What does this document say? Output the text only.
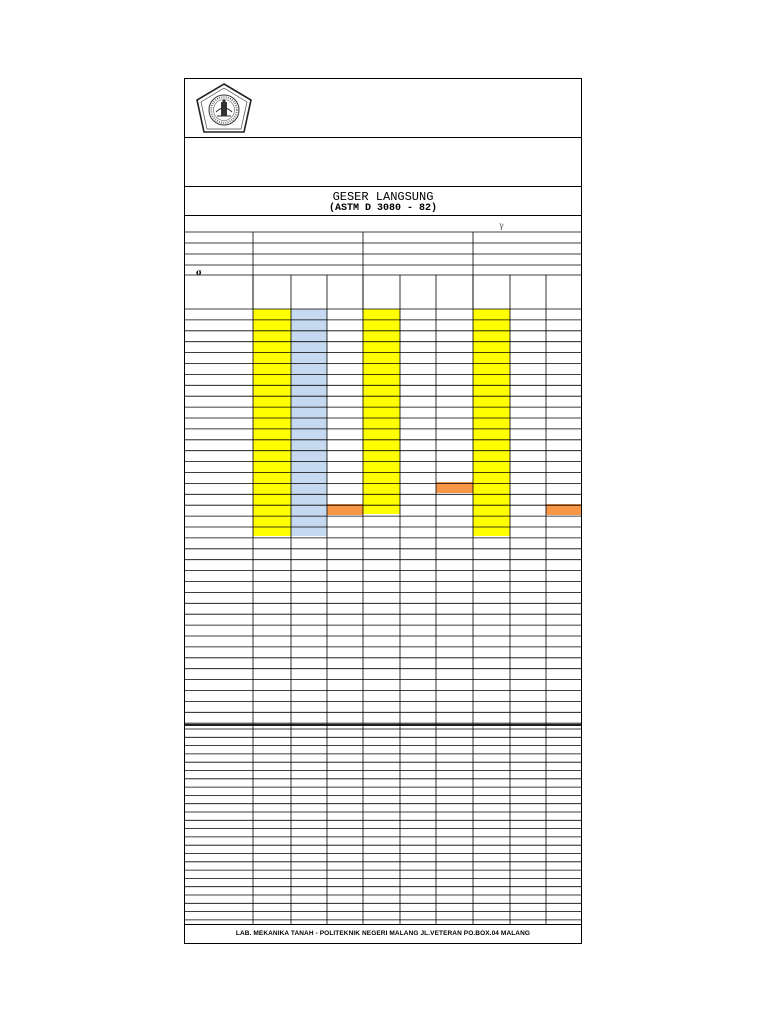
GESER LANGSUNG
(ASTM D 3080 - 82)
γ
σ
LAB. MEKANIKA TANAH - POLITEKNIK NEGERI MALANG JL.VETERAN PO.BOX.04 MALANG
